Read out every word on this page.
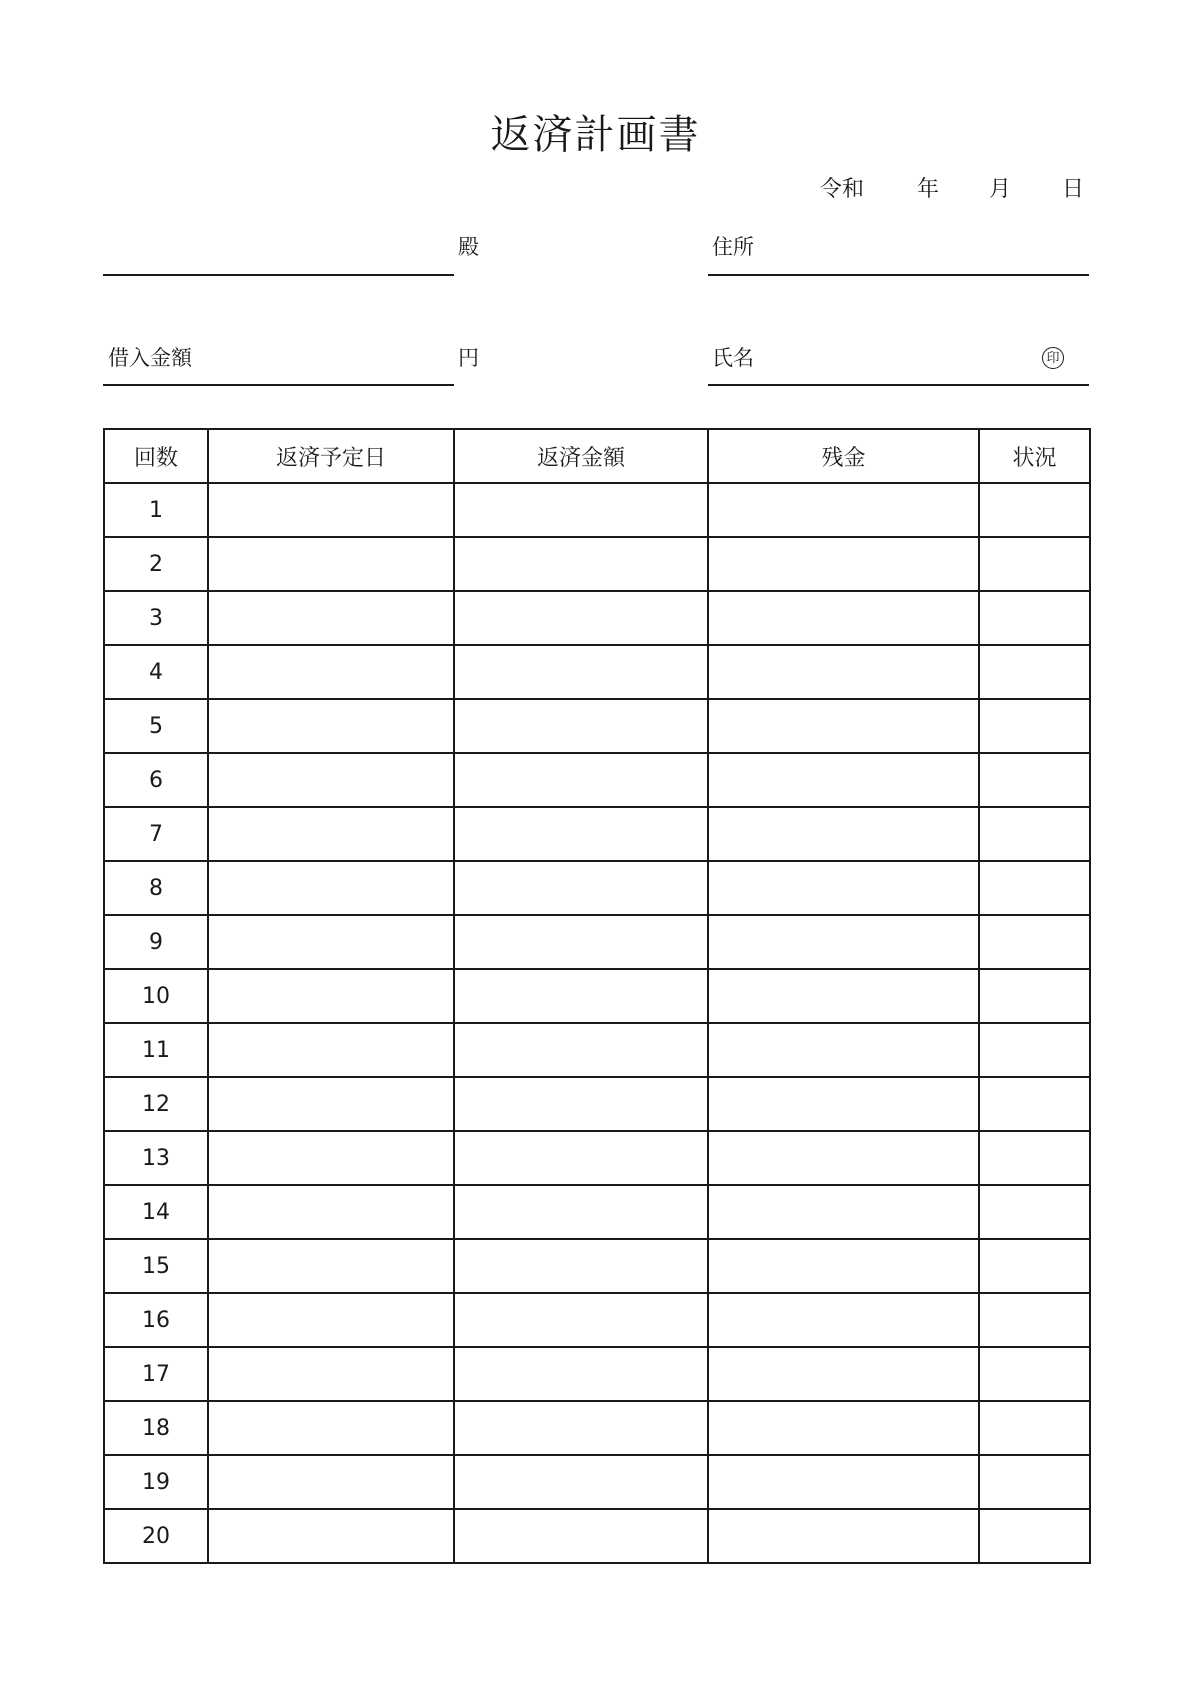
返済計画書
令和 年 月 日
殿	住所
借入金額	円	氏名	印
回数	返済予定日	返済金額	残金	状況
1				
2				
3				
4				
5				
6				
7				
8				
9				
10				
11				
12				
13				
14				
15				
16				
17				
18				
19				
20				
